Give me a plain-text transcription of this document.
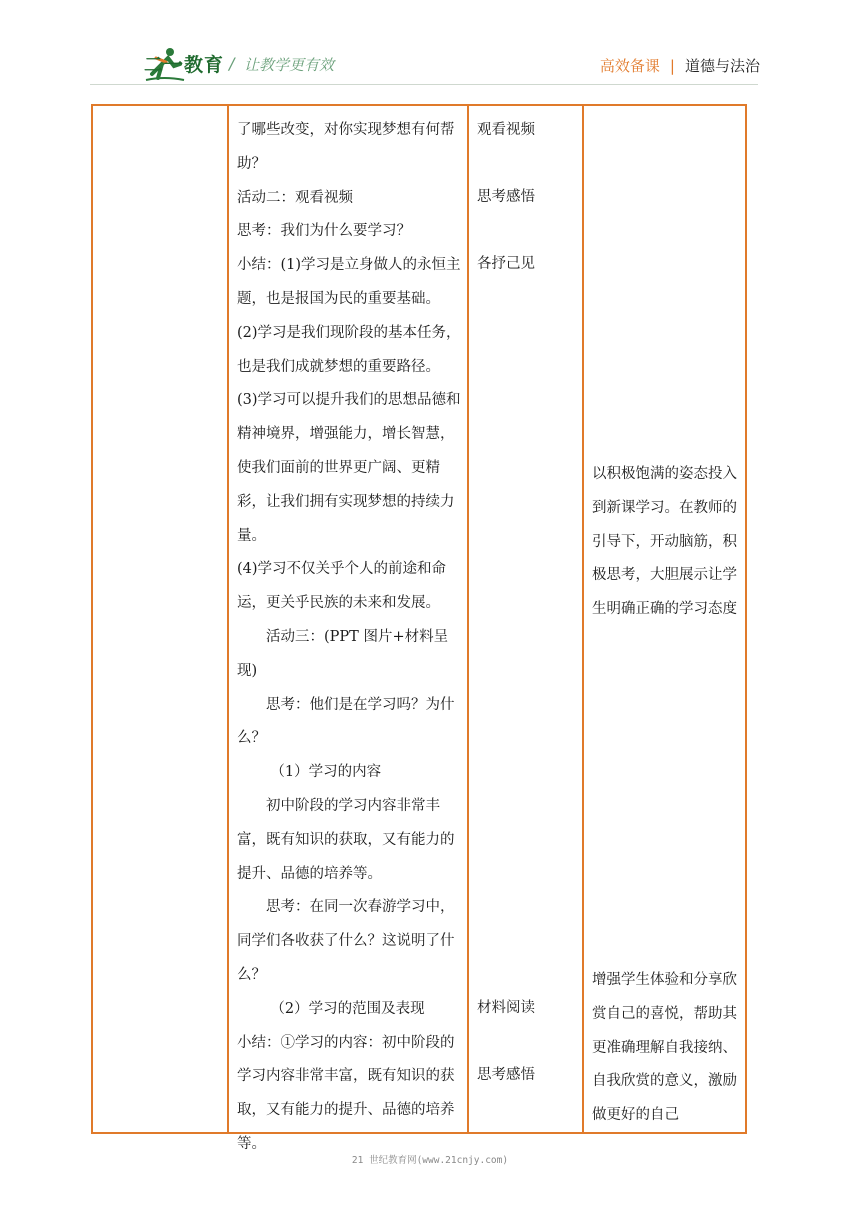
二一教育 / 让教学更有效	高效备课 | 道德与法治
了哪些改变，对你实现梦想有何帮助？
活动二：观看视频
思考：我们为什么要学习？
小结：(1)学习是立身做人的永恒主题，也是报国为民的重要基础。
(2)学习是我们现阶段的基本任务，也是我们成就梦想的重要路径。
(3)学习可以提升我们的思想品德和精神境界，增强能力，增长智慧，使我们面前的世界更广阔、更精彩，让我们拥有实现梦想的持续力量。
(4)学习不仅关乎个人的前途和命运，更关乎民族的未来和发展。
活动三：(PPT 图片+材料呈现)
思考：他们是在学习吗？为什么？
（1）学习的内容
初中阶段的学习内容非常丰富，既有知识的获取，又有能力的提升、品德的培养等。
思考：在同一次春游学习中，同学们各收获了什么？这说明了什么？
（2）学习的范围及表现
小结：①学习的内容：初中阶段的学习内容非常丰富，既有知识的获取，又有能力的提升、品德的培养等。
观看视频
思考感悟
各抒己见
材料阅读
思考感悟
以积极饱满的姿态投入到新课学习。在教师的引导下，开动脑筋，积极思考，大胆展示让学生明确正确的学习态度
增强学生体验和分享欣赏自己的喜悦，帮助其更准确理解自我接纳、自我欣赏的意义，激励做更好的自己
21 世纪教育网(www.21cnjy.com)
